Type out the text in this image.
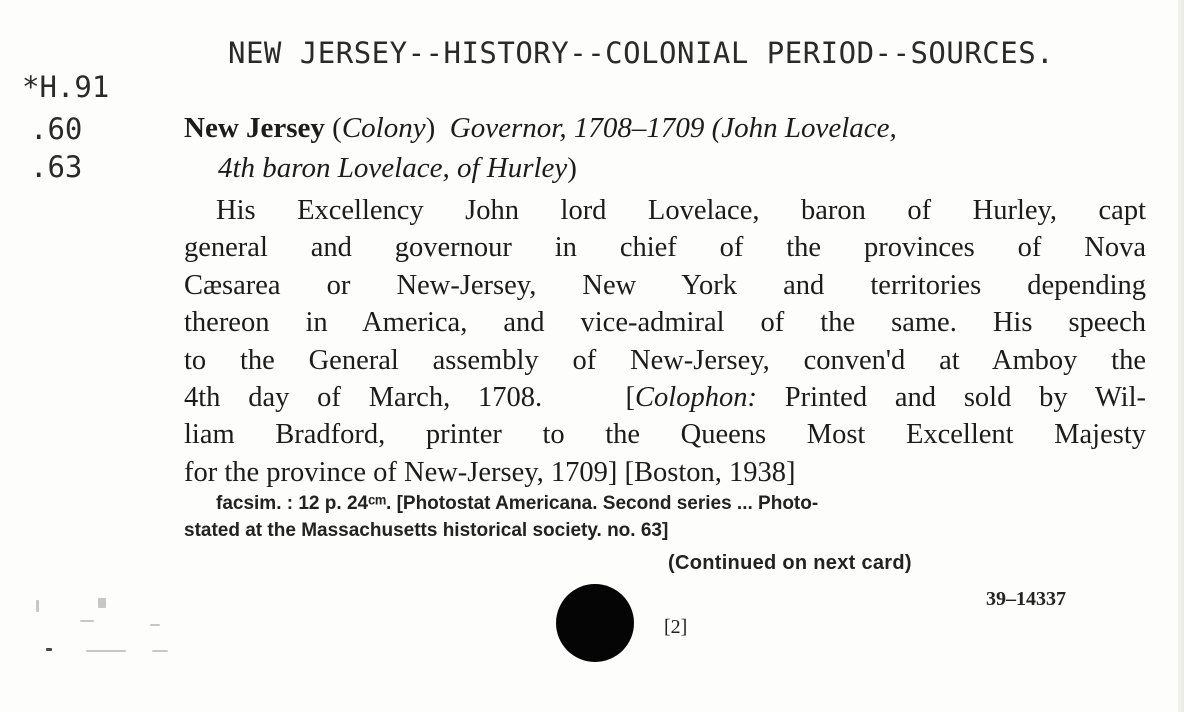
NEW JERSEY--HISTORY--COLONIAL PERIOD--SOURCES.
*H.91
.60
.63
New Jersey (Colony) Governor, 1708–1709 (John Lovelace,
4th baron Lovelace, of Hurley)
His Excellency John lord Lovelace, baron of Hurley, capt
general and governour in chief of the provinces of Nova
Cæsarea or New-Jersey, New York and territories depending
thereon in America, and vice-admiral of the same. His speech
to the General assembly of New-Jersey, conven'd at Amboy the
4th day of March, 1708.	[Colophon: Printed and sold by Wil-
liam Bradford, printer to the Queens Most Excellent Majesty
for the province of New-Jersey, 1709] [Boston, 1938]
facsim. : 12 p. 24ᶜᵐ. [Photostat Americana. Second series ... Photo-
stated at the Massachusetts historical society. no. 63]
(Continued on next card)
39–14337
[2]
